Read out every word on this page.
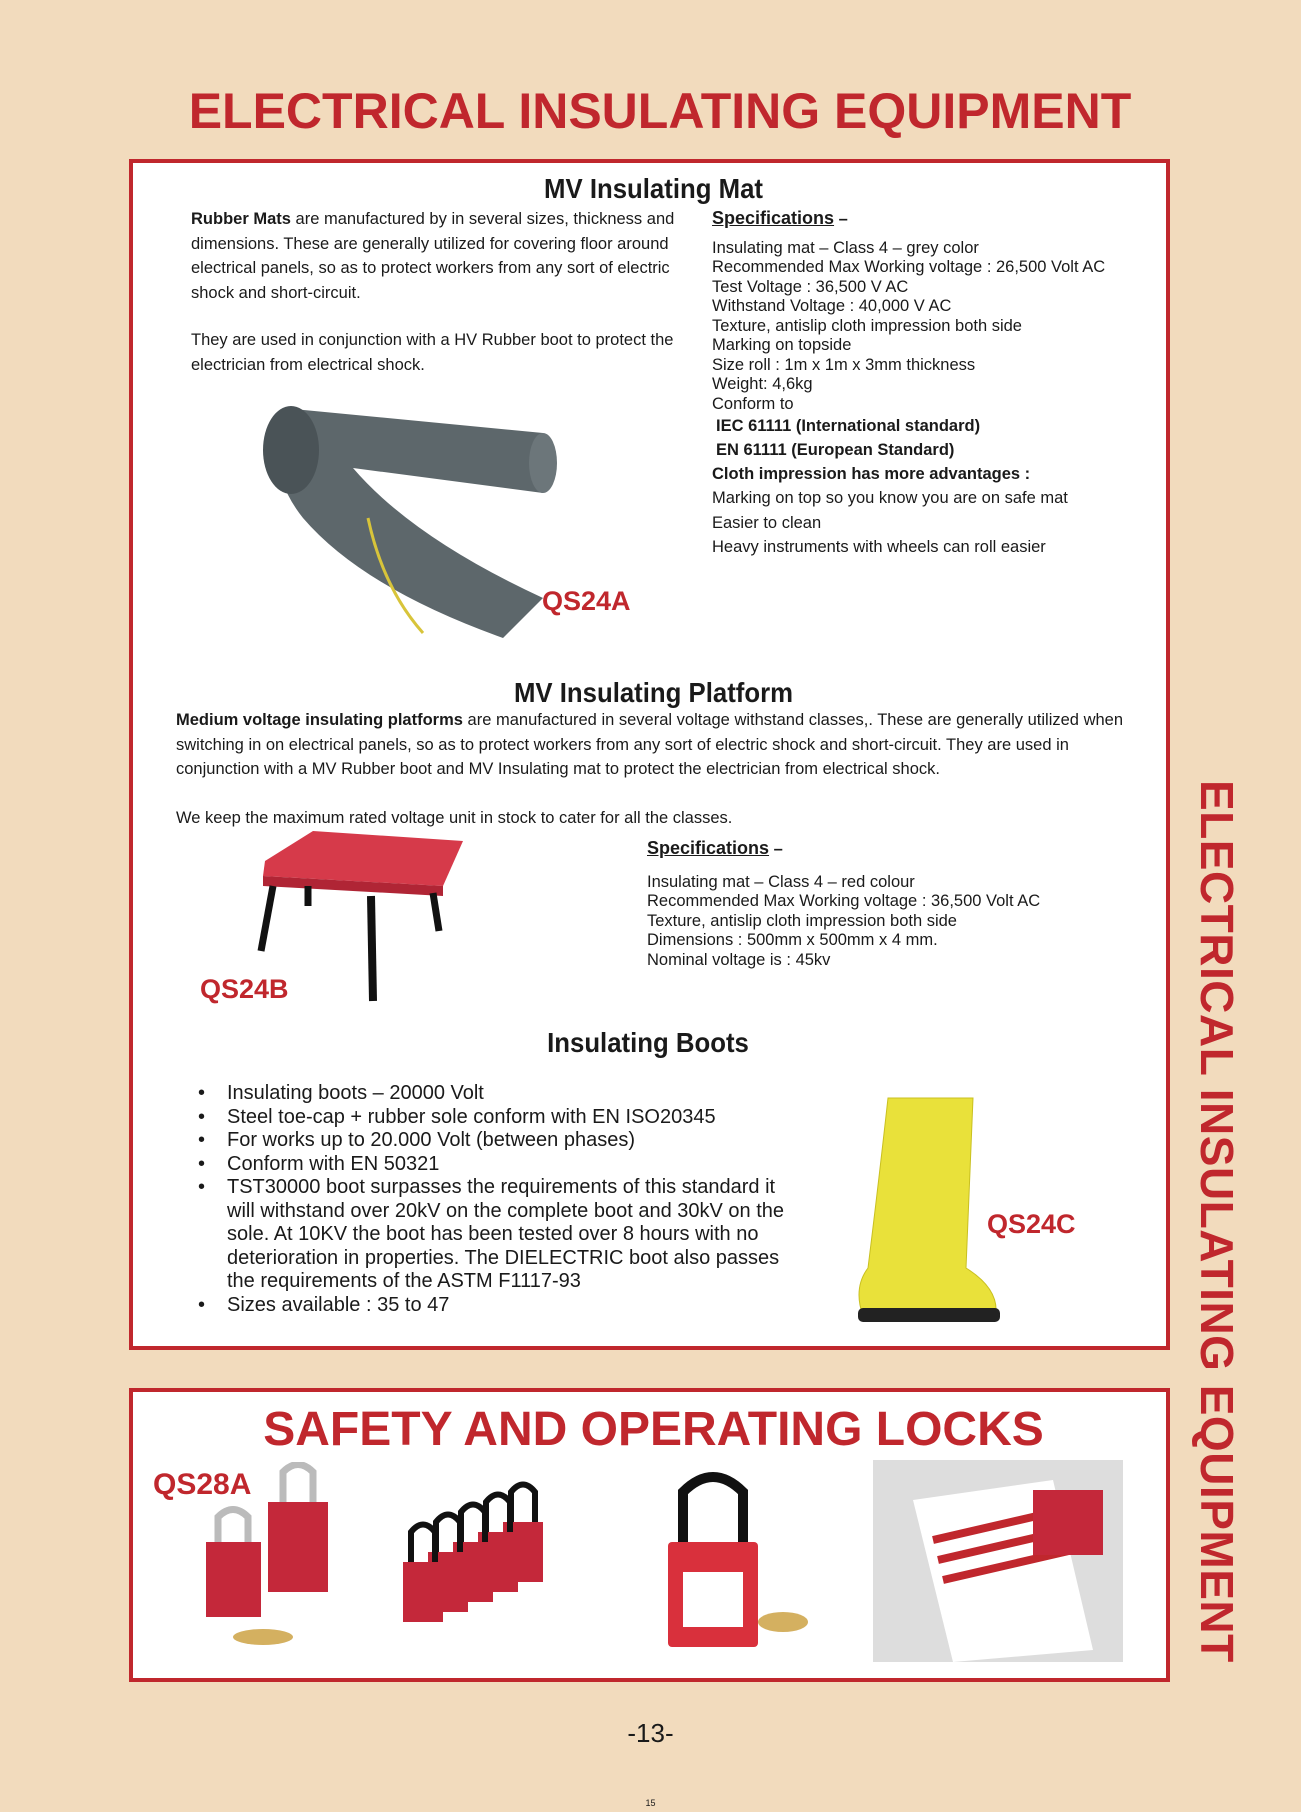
ELECTRICAL INSULATING EQUIPMENT
ELECTRICAL INSULATING EQUIPMENT
MV Insulating Mat
Rubber Mats are manufactured by in several sizes, thickness and dimensions. These are generally utilized for covering floor around electrical panels, so as to protect workers from any sort of electric shock and short-circuit.
They are used in conjunction with a HV Rubber boot to protect the electrician from electrical shock.
Specifications –
Insulating mat – Class 4 – grey color
Recommended Max Working voltage : 26,500 Volt AC
Test Voltage : 36,500 V AC
Withstand Voltage : 40,000 V AC
Texture, antislip cloth impression both side
Marking on topside
Size roll : 1m x 1m x 3mm thickness
Weight: 4,6kg
Conform to
IEC 61111 (International standard)
EN 61111 (European Standard)
Cloth impression has more advantages :
Marking on top so you know you are on safe mat
Easier to clean
Heavy instruments with wheels can roll easier
QS24A
MV Insulating Platform
Medium voltage insulating platforms are manufactured in several voltage withstand classes,. These are generally utilized when switching in on electrical panels, so as to protect workers from any sort of electric shock and short-circuit. They are used in conjunction with a MV Rubber boot and MV Insulating mat to protect the electrician from electrical shock.
We keep the maximum rated voltage unit in stock to cater for all the classes.
QS24B
Specifications –
Insulating mat – Class 4 – red colour
Recommended Max Working voltage : 36,500 Volt AC
Texture, antislip cloth impression both side
Dimensions : 500mm x 500mm x 4 mm.
Nominal voltage is : 45kv
Insulating Boots
QS24C
• Insulating boots – 20000 Volt
• Steel toe-cap + rubber sole conform with EN ISO20345
• For works up to 20.000 Volt (between phases)
• Conform with EN 50321
• TST30000 boot surpasses the requirements of this standard it will withstand over 20kV on the complete boot and 30kV on the sole. At 10KV the boot has been tested over 8 hours with no deterioration in properties. The DIELECTRIC boot also passes the requirements of the ASTM F1117-93
• Sizes available : 35 to 47
SAFETY AND OPERATING LOCKS
QS28A
-13-
15
